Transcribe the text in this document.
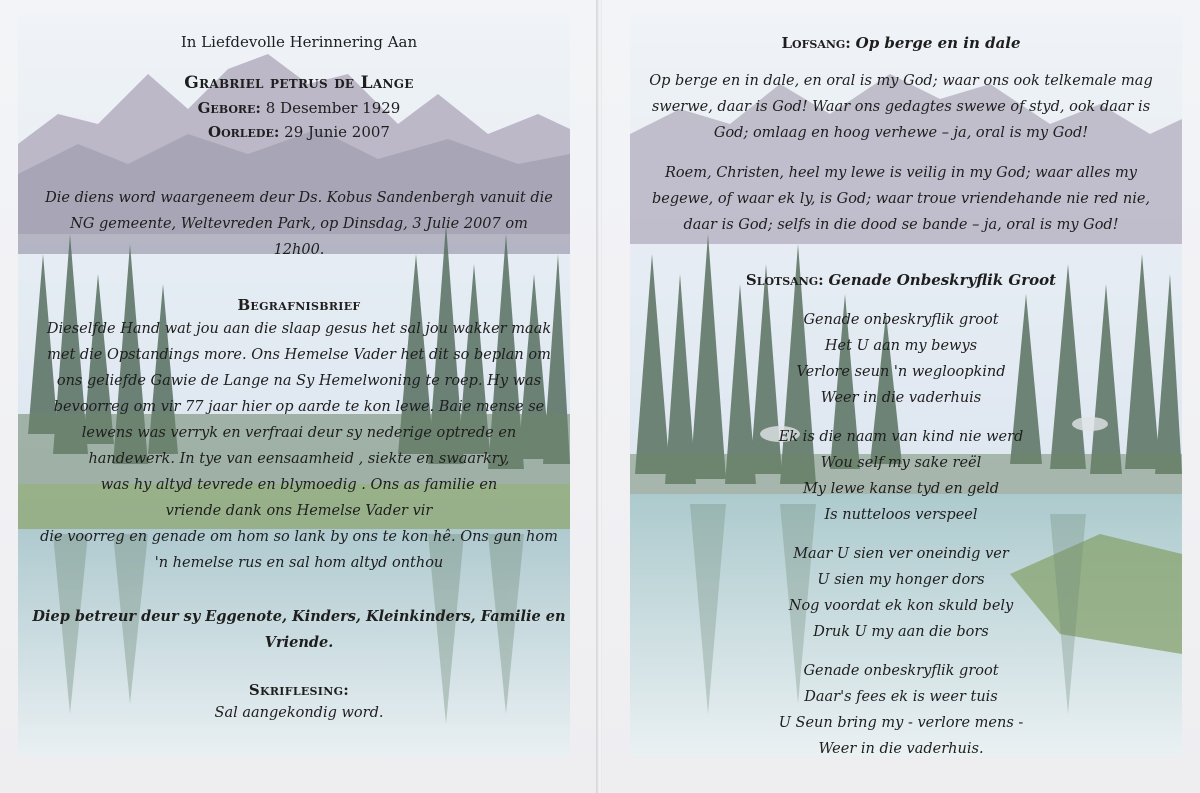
In Liefdevolle Herinnering Aan
Grabriel petrus de Lange
Gebore: 8 Desember 1929
Oorlede: 29 Junie 2007
Die diens word waargeneem deur Ds. Kobus Sandenbergh vanuit die
NG gemeente, Weltevreden Park, op Dinsdag, 3 Julie 2007 om
12h00.
Begrafnisbrief
Dieselfde Hand wat jou aan die slaap gesus het sal jou wakker maak
met die Opstandings more. Ons Hemelse Vader het dit so beplan om
ons geliefde Gawie de Lange na Sy Hemelwoning te roep. Hy was
bevoorreg om vir 77 jaar hier op aarde te kon lewe. Baie mense se
lewens was verryk en verfraai deur sy nederige optrede en
handewerk. In tye van eensaamheid , siekte en swaarkry,
was hy altyd tevrede en blymoedig . Ons as familie en
vriende dank ons Hemelse Vader vir
die voorreg en genade om hom so lank by ons te kon hê. Ons gun hom
'n hemelse rus en sal hom altyd onthou
Diep betreur deur sy Eggenote, Kinders, Kleinkinders, Familie en
Vriende.
Skriflesing:
Sal aangekondig word.

Lofsang: Op berge en in dale
Op berge en in dale, en oral is my God; waar ons ook telkemale mag
swerwe, daar is God! Waar ons gedagtes swewe of styd, ook daar is
God; omlaag en hoog verhewe – ja, oral is my God!
Roem, Christen, heel my lewe is veilig in my God; waar alles my
begewe, of waar ek ly, is God; waar troue vriendehande nie red nie,
daar is God; selfs in die dood se bande – ja, oral is my God!
Slotsang: Genade Onbeskryflik Groot
Genade onbeskryflik groot
Het U aan my bewys
Verlore seun 'n wegloopkind
Weer in die vaderhuis
Ek is die naam van kind nie werd
Wou self my sake reël
My lewe kanse tyd en geld
Is nutteloos verspeel
Maar U sien ver oneindig ver
U sien my honger dors
Nog voordat ek kon skuld bely
Druk U my aan die bors
Genade onbeskryflik groot
Daar's fees ek is weer tuis
U Seun bring my - verlore mens -
Weer in die vaderhuis.
